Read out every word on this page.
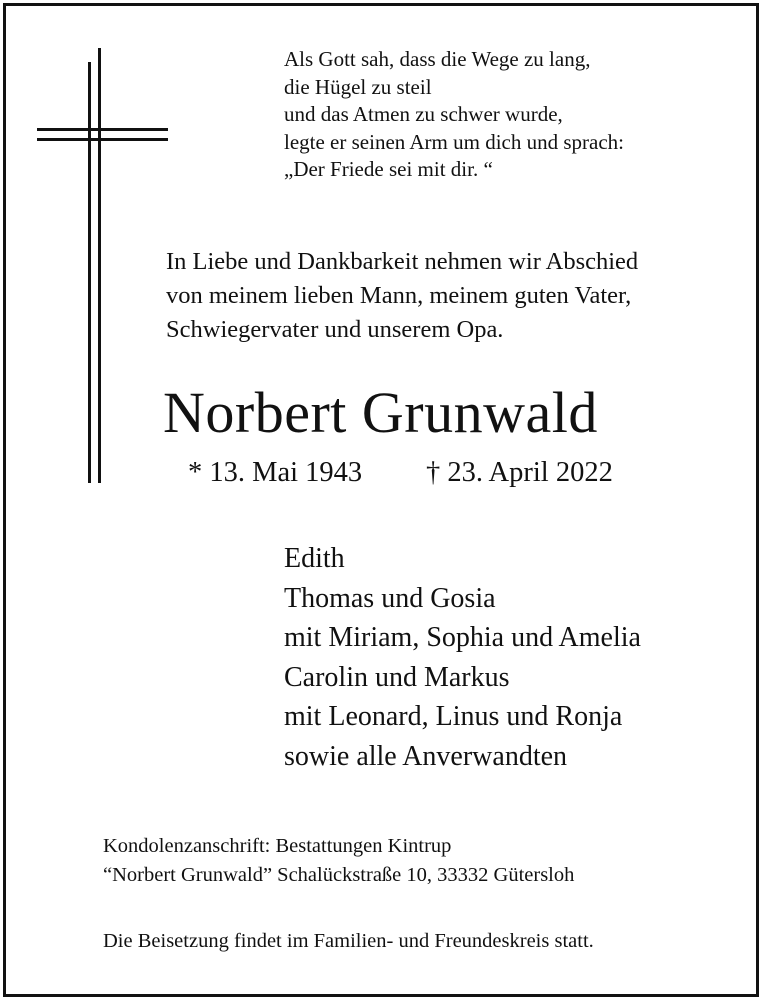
Als Gott sah, dass die Wege zu lang,
die Hügel zu steil
und das Atmen zu schwer wurde,
legte er seinen Arm um dich und sprach:
„Der Friede sei mit dir. “
In Liebe und Dankbarkeit nehmen wir Abschied
von meinem lieben Mann, meinem guten Vater,
Schwiegervater und unserem Opa.
Norbert Grunwald
* 13. Mai 1943 † 23. April 2022
Edith
Thomas und Gosia
mit Miriam, Sophia und Amelia
Carolin und Markus
mit Leonard, Linus und Ronja
sowie alle Anverwandten
Kondolenzanschrift: Bestattungen Kintrup
“Norbert Grunwald” Schalückstraße 10, 33332 Gütersloh
Die Beisetzung findet im Familien- und Freundeskreis statt.
